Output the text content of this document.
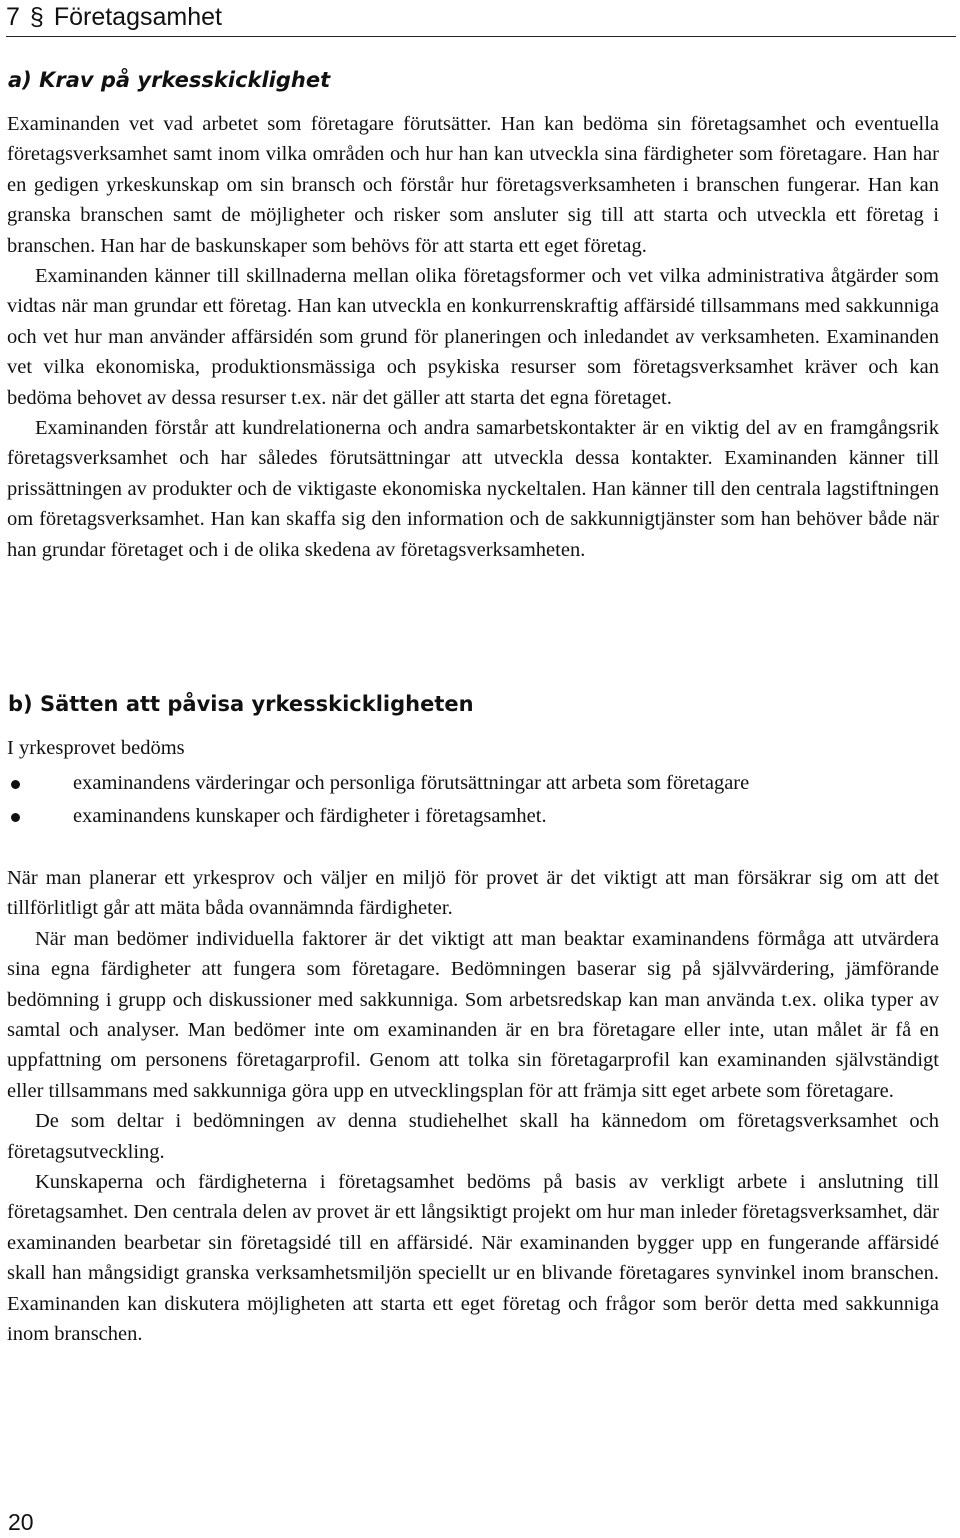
7 § Företagsamhet
a) Krav på yrkesskicklighet

Examinanden vet vad arbetet som företagare förutsätter. Han kan bedöma sin företagsamhet och eventuella företagsverksamhet samt inom vilka områden och hur han kan utveckla sina färdigheter som företagare. Han har en gedigen yrkeskunskap om sin bransch och förstår hur företagsverksamheten i branschen fungerar. Han kan granska branschen samt de möjligheter och risker som ansluter sig till att starta och utveckla ett företag i branschen. Han har de baskunskaper som behövs för att starta ett eget företag.

Examinanden känner till skillnaderna mellan olika företagsformer och vet vilka administrativa åtgärder som vidtas när man grundar ett företag. Han kan utveckla en konkurrenskraftig affärsidé tillsammans med sakkunniga och vet hur man använder affärsidén som grund för planeringen och inledandet av verksamheten. Examinanden vet vilka ekonomiska, produktionsmässiga och psykiska resurser som företagsverksamhet kräver och kan bedöma behovet av dessa resurser t.ex. när det gäller att starta det egna företaget.

Examinanden förstår att kundrelationerna och andra samarbetskontakter är en viktig del av en framgångsrik företagsverksamhet och har således förutsättningar att utveckla dessa kontakter. Examinanden känner till prissättningen av produkter och de viktigaste ekonomiska nyckeltalen. Han känner till den centrala lagstiftningen om företagsverksamhet. Han kan skaffa sig den information och de sakkunnigtjänster som han behöver både när han grundar företaget och i de olika skedena av företagsverksamheten.

b) Sätten att påvisa yrkesskickligheten
I yrkesprovet bedöms
examinandens värderingar och personliga förutsättningar att arbeta som företagare
examinandens kunskaper och färdigheter i företagsamhet.

När man planerar ett yrkesprov och väljer en miljö för provet är det viktigt att man försäkrar sig om att det tillförlitligt går att mäta båda ovannämnda färdigheter.

När man bedömer individuella faktorer är det viktigt att man beaktar examinandens förmåga att utvärdera sina egna färdigheter att fungera som företagare. Bedömningen baserar sig på självvärdering, jämförande bedömning i grupp och diskussioner med sakkunniga. Som arbetsredskap kan man använda t.ex. olika typer av samtal och analyser. Man bedömer inte om examinanden är en bra företagare eller inte, utan målet är få en uppfattning om personens företagarprofil. Genom att tolka sin företagarprofil kan examinanden självständigt eller tillsammans med sakkunniga göra upp en utvecklingsplan för att främja sitt eget arbete som företagare.

De som deltar i bedömningen av denna studiehelhet skall ha kännedom om företagsverksamhet och företagsutveckling.

Kunskaperna och färdigheterna i företagsamhet bedöms på basis av verkligt arbete i anslutning till företagsamhet. Den centrala delen av provet är ett långsiktigt projekt om hur man inleder företagsverksamhet, där examinanden bearbetar sin företagsidé till en affärsidé. När examinanden bygger upp en fungerande affärsidé skall han mångsidigt granska verksamhetsmiljön speciellt ur en blivande företagares synvinkel inom branschen. Examinanden kan diskutera möjligheten att starta ett eget företag och frågor som berör detta med sakkunniga inom branschen.

20
